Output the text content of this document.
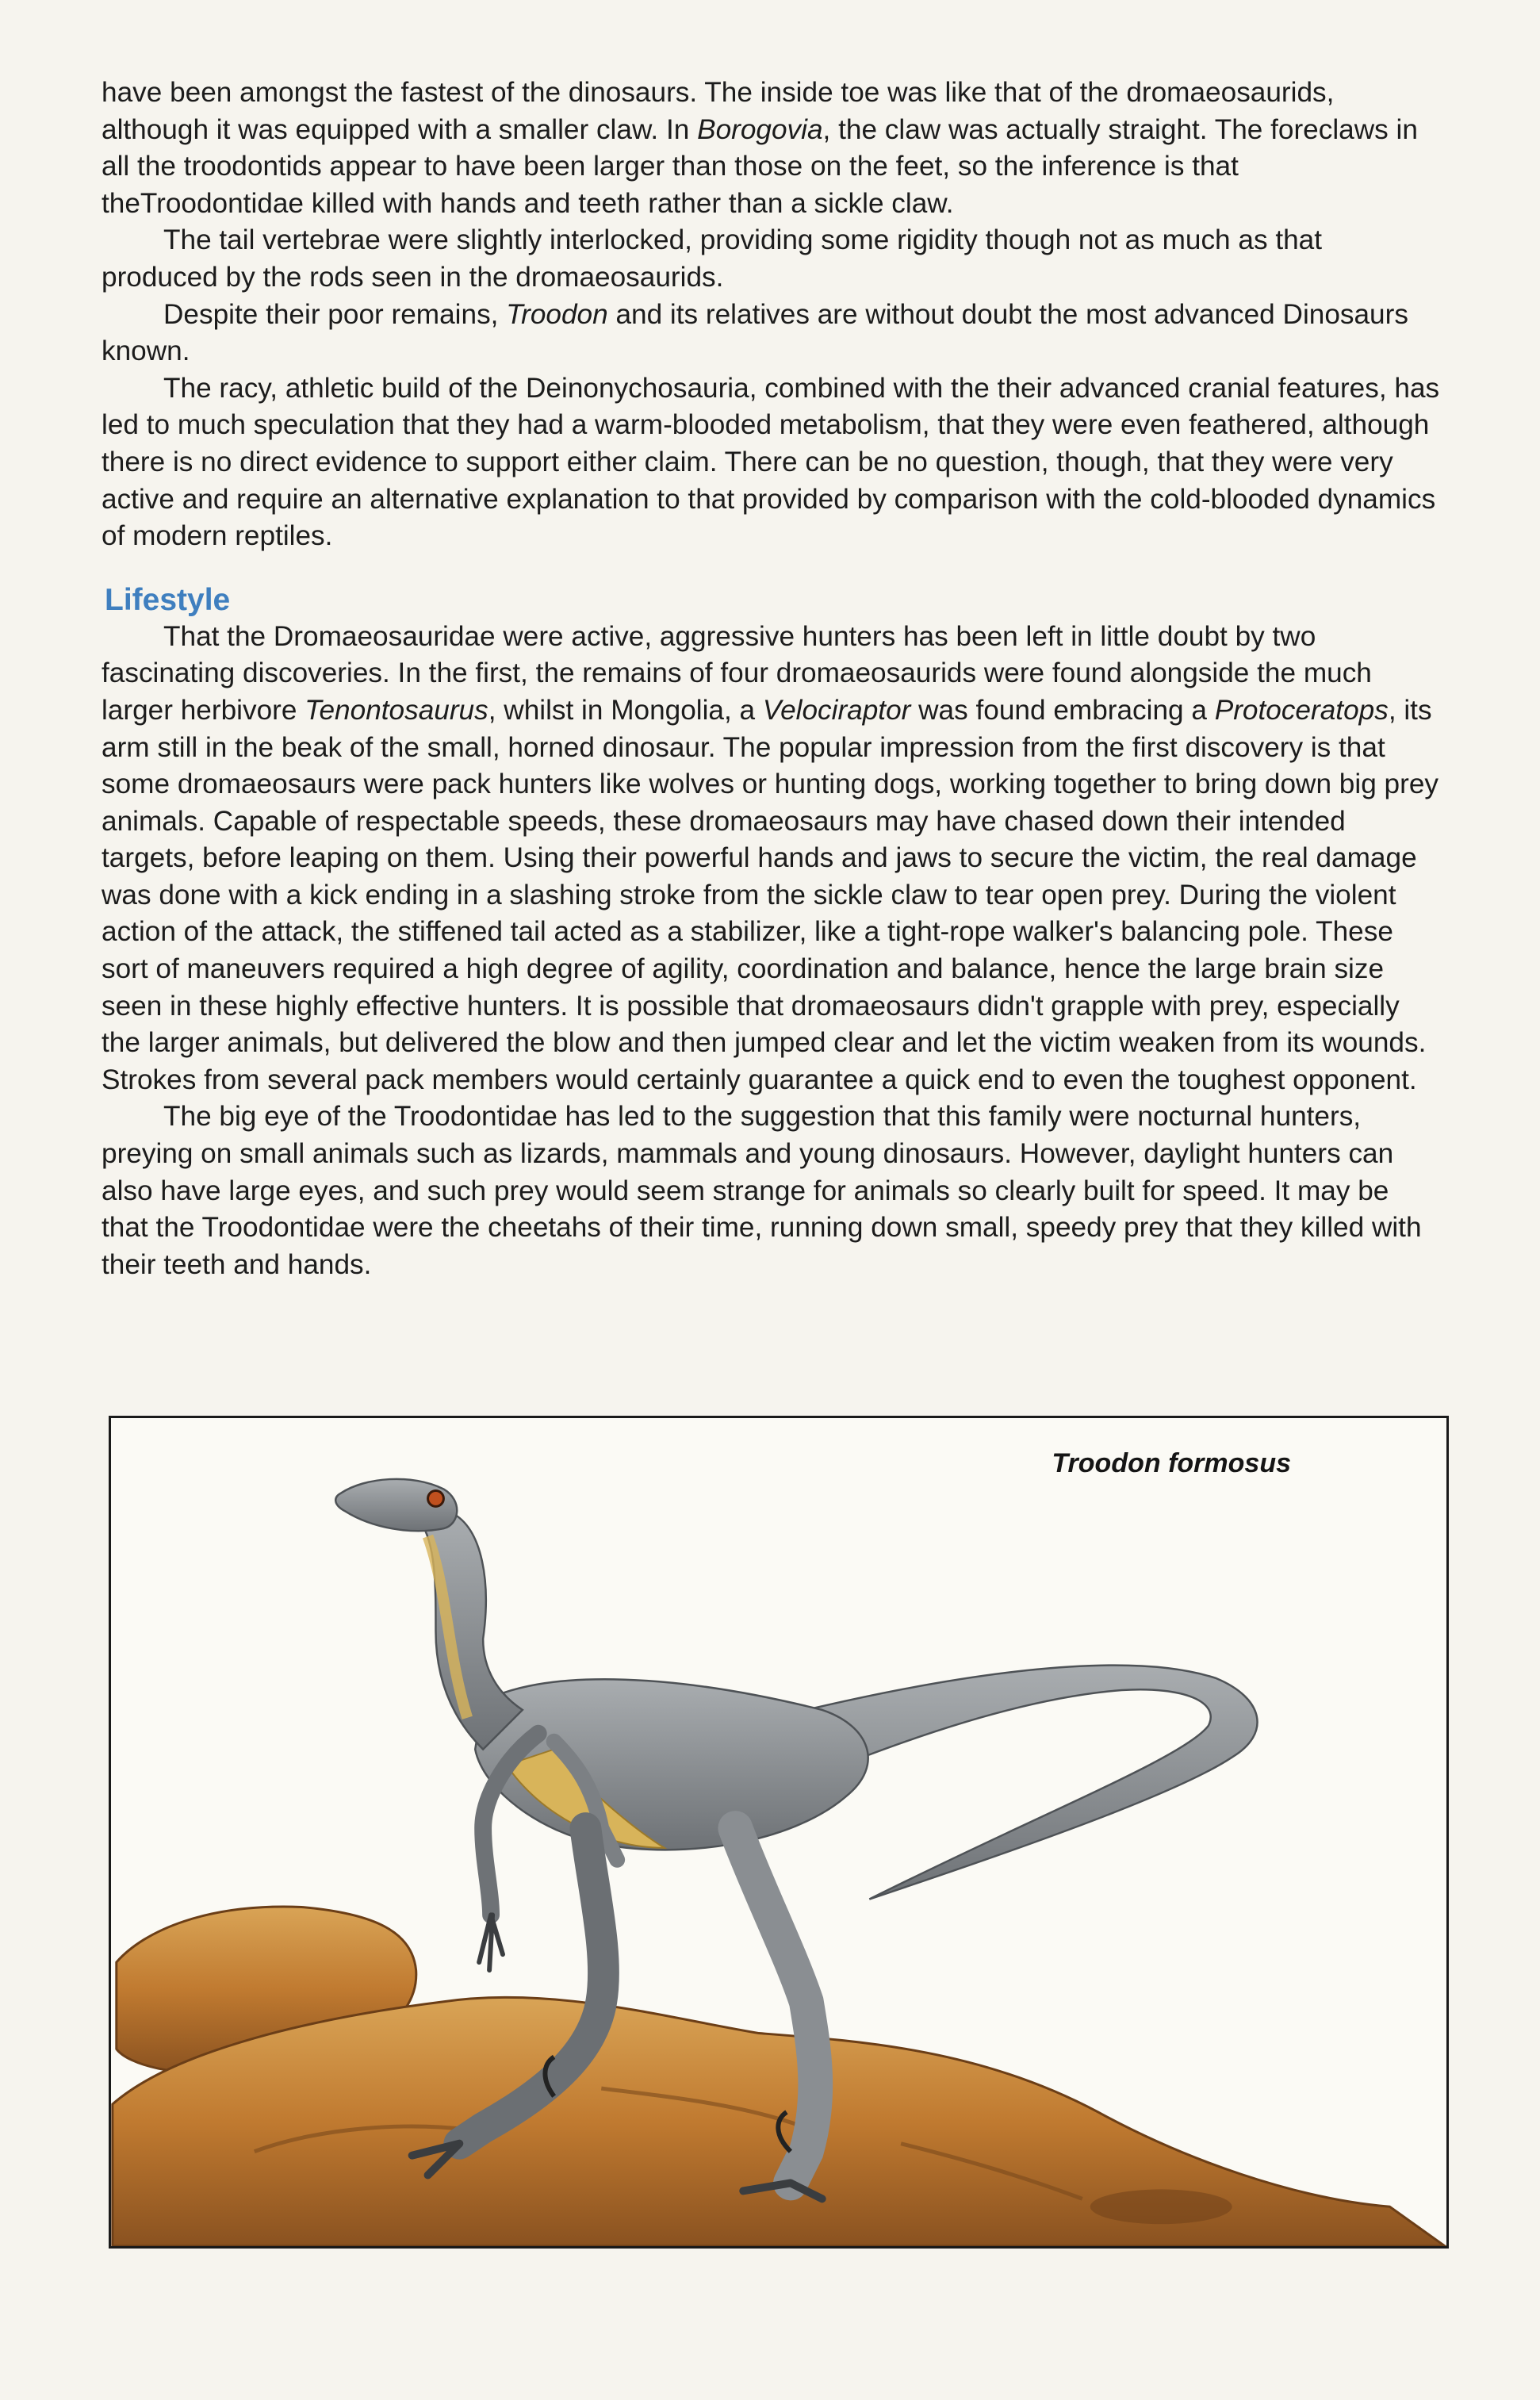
have been amongst the fastest of the dinosaurs. The inside toe was like that of the dromaeosaurids, although it was equipped with a smaller claw. In Borogovia, the claw was actually straight. The foreclaws in all the troodontids appear to have been larger than those on the feet, so the inference is that theTroodontidae killed with hands and teeth rather than a sickle claw.

The tail vertebrae were slightly interlocked, providing some rigidity though not as much as that produced by the rods seen in the dromaeosaurids.

Despite their poor remains, Troodon and its relatives are without doubt the most advanced Dinosaurs known.

The racy, athletic build of the Deinonychosauria, combined with the their advanced cranial features, has led to much speculation that they had a warm-blooded metabolism, that they were even feathered, although there is no direct evidence to support either claim. There can be no question, though, that they were very active and require an alternative explanation to that provided by comparison with the cold-blooded dynamics of modern reptiles.

Lifestyle

That the Dromaeosauridae were active, aggressive hunters has been left in little doubt by two fascinating discoveries. In the first, the remains of four dromaeosaurids were found alongside the much larger herbivore Tenontosaurus, whilst in Mongolia, a Velociraptor was found embracing a Protoceratops, its arm still in the beak of the small, horned dinosaur. The popular impression from the first discovery is that some dromaeosaurs were pack hunters like wolves or hunting dogs, working together to bring down big prey animals. Capable of respectable speeds, these dromaeosaurs may have chased down their intended targets, before leaping on them. Using their powerful hands and jaws to secure the victim, the real damage was done with a kick ending in a slashing stroke from the sickle claw to tear open prey. During the violent action of the attack, the stiffened tail acted as a stabilizer, like a tight-rope walker's balancing pole. These sort of maneuvers required a high degree of agility, coordination and balance, hence the large brain size seen in these highly effective hunters. It is possible that dromaeosaurs didn't grapple with prey, especially the larger animals, but delivered the blow and then jumped clear and let the victim weaken from its wounds. Strokes from several pack members would certainly guarantee a quick end to even the toughest opponent.

The big eye of the Troodontidae has led to the suggestion that this family were nocturnal hunters, preying on small animals such as lizards, mammals and young dinosaurs. However, daylight hunters can also have large eyes, and such prey would seem strange for animals so clearly built for speed. It may be that the Troodontidae were the cheetahs of their time, running down small, speedy prey that they killed with their teeth and hands.

Troodon formosus
